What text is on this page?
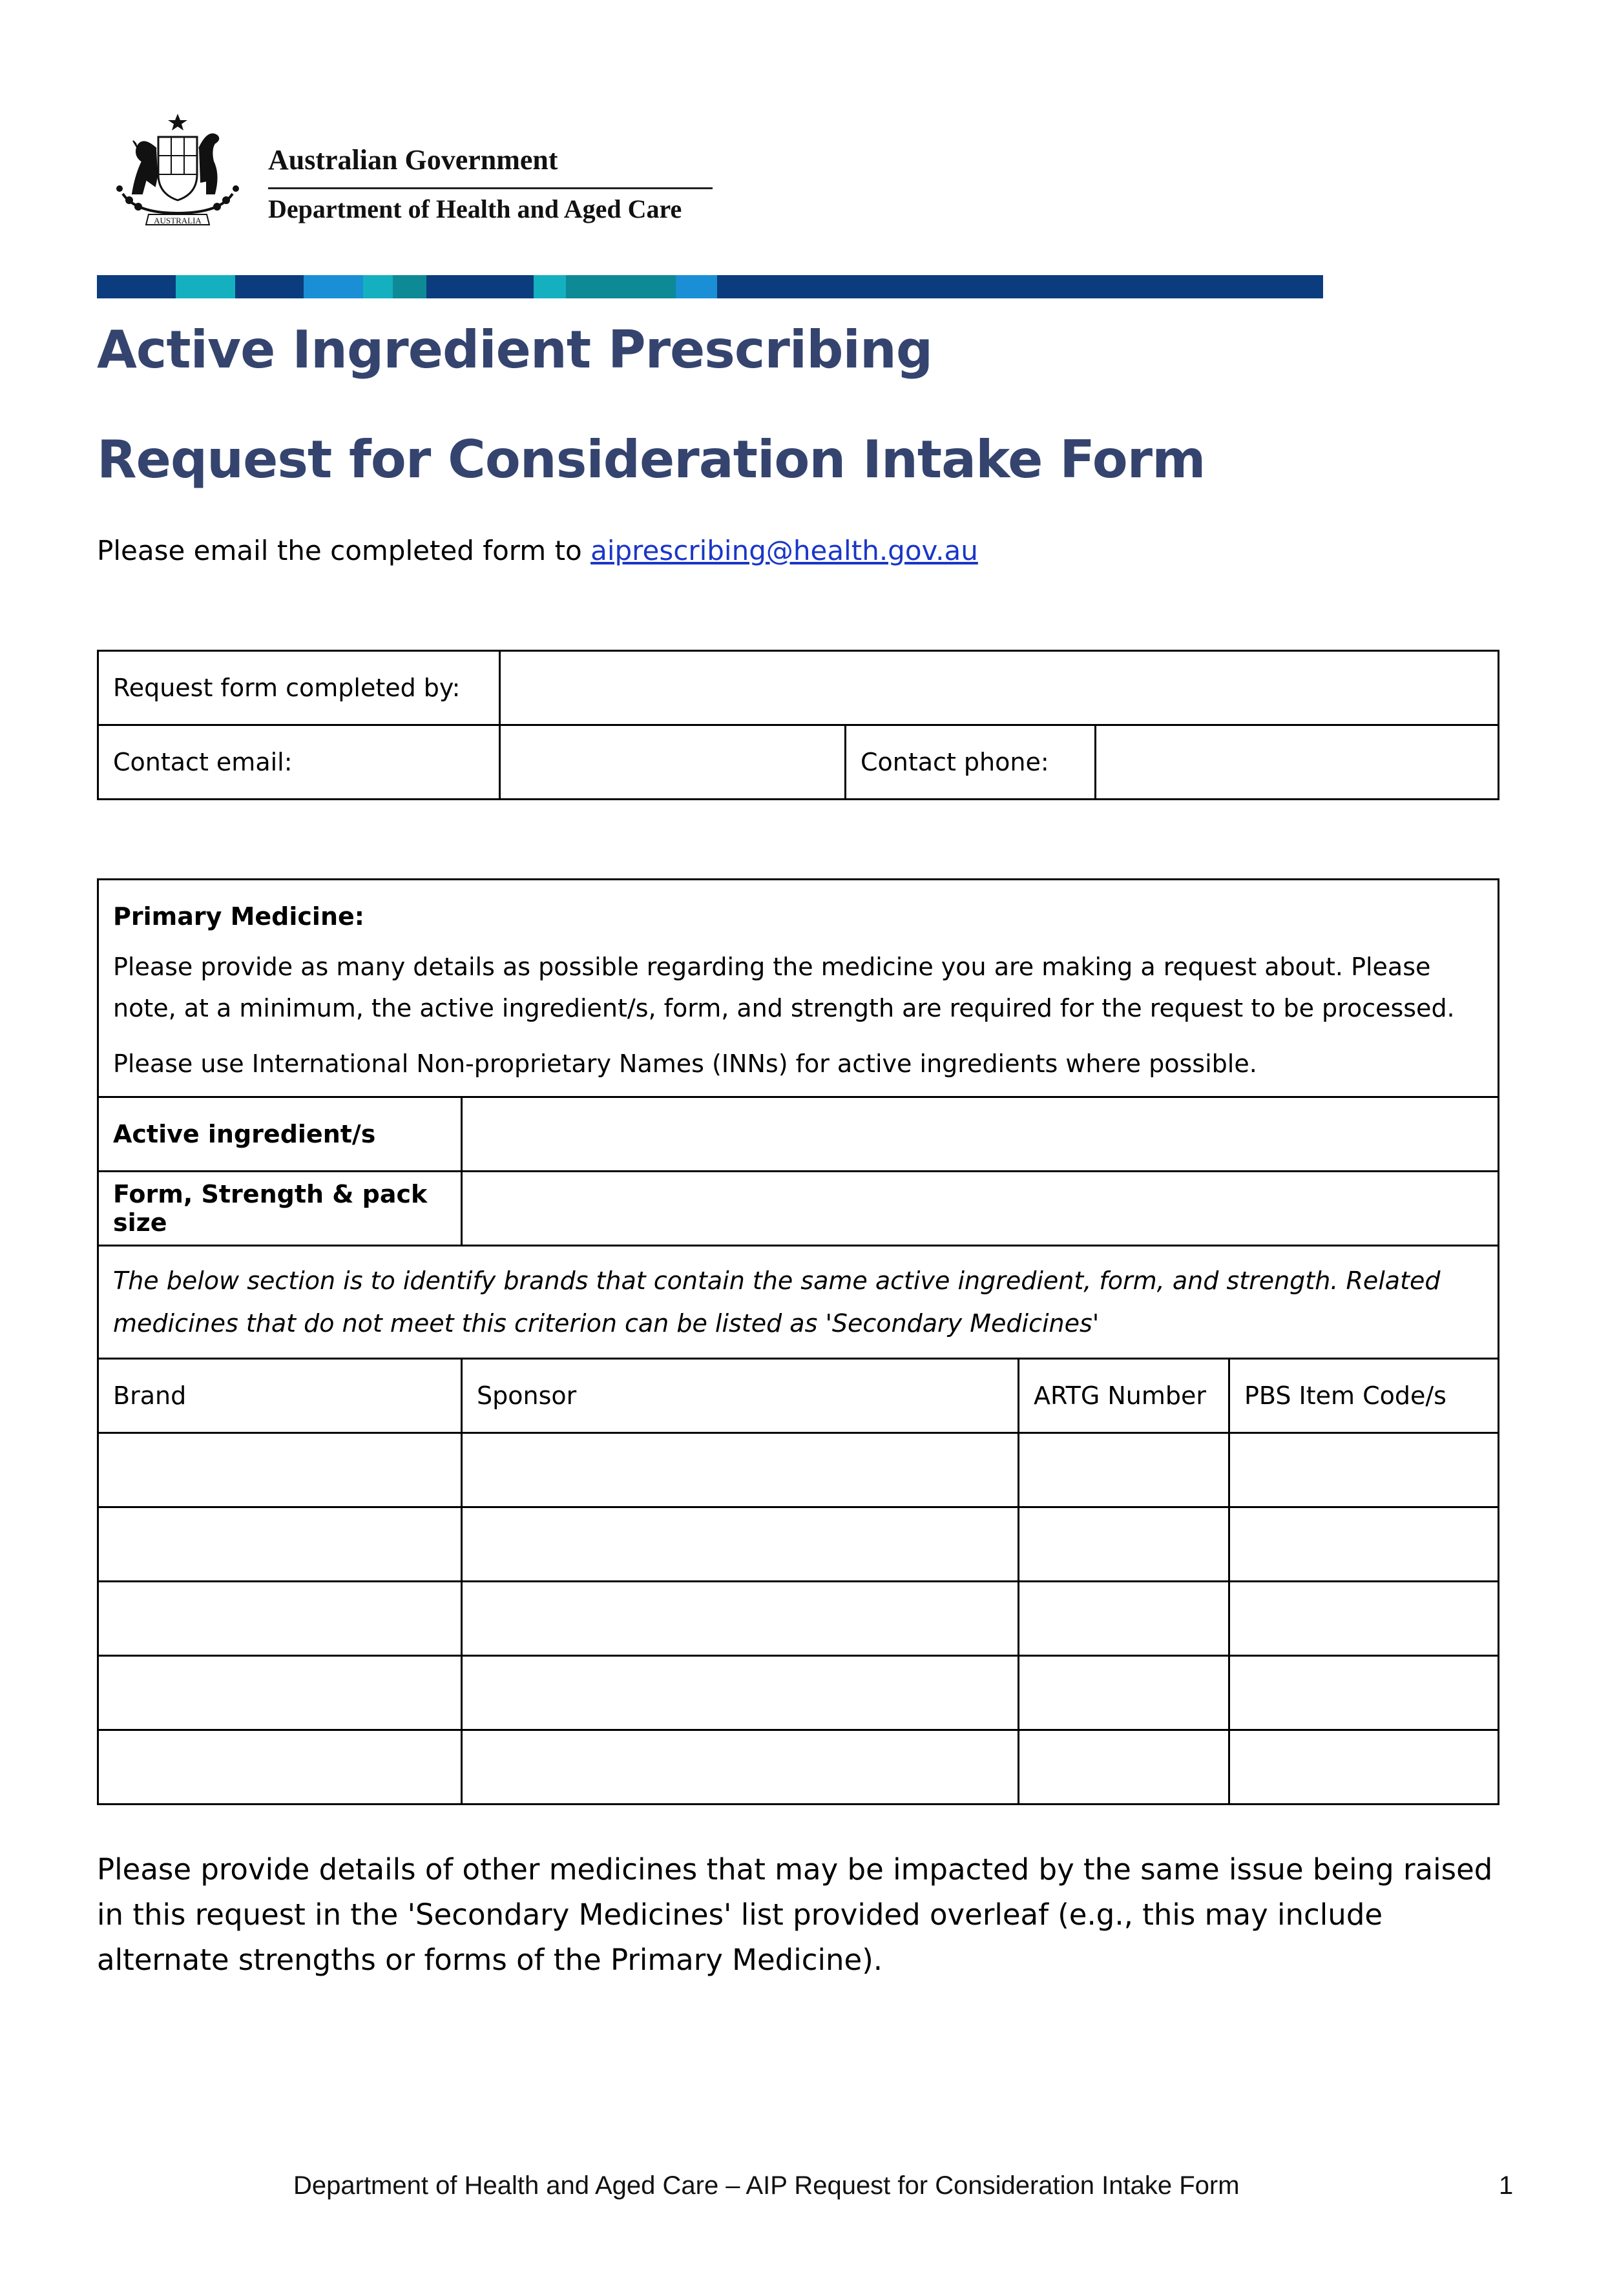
AUSTRALIA
Australian Government
Department of Health and Aged Care
Active Ingredient Prescribing
Request for Consideration Intake Form
Please email the completed form to aiprescribing@health.gov.au
Request form completed by:			
Contact email:		Contact phone:	

Primary Medicine:

Please provide as many details as possible regarding the medicine you are making a request about. Please note, at a minimum, the active ingredient/s, form, and strength are required for the request to be processed.

Please use International Non-proprietary Names (INNs) for active ingredients where possible.			

Active ingredient/s			
Form, Strength & pack size			
The below section is to identify brands that contain the same active ingredient, form, and strength. Related medicines that do not meet this criterion can be listed as 'Secondary Medicines'			
Brand	Sponsor	ARTG Number	PBS Item Code/s

Please provide details of other medicines that may be impacted by the same issue being raised in this request in the 'Secondary Medicines' list provided overleaf (e.g., this may include alternate strengths or forms of the Primary Medicine).
Department of Health and Aged Care – AIP Request for Consideration Intake Form	1
